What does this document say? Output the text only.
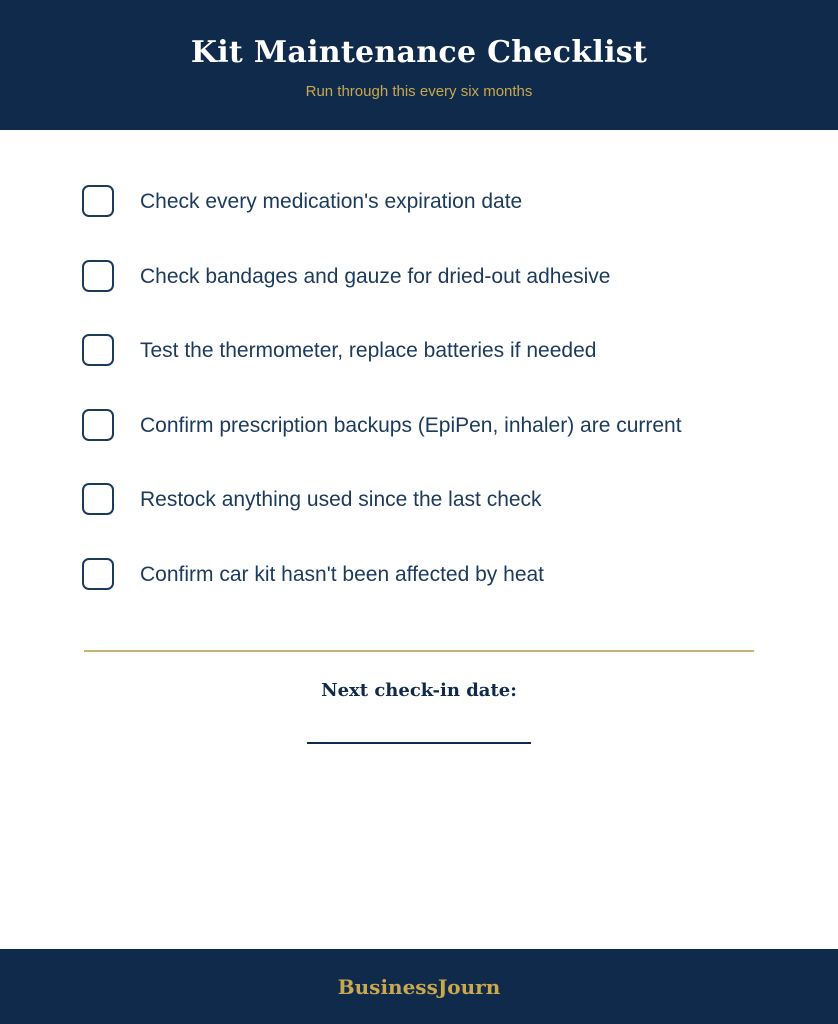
Kit Maintenance Checklist
Run through this every six months
Check every medication's expiration date
Check bandages and gauze for dried-out adhesive
Test the thermometer, replace batteries if needed
Confirm prescription backups (EpiPen, inhaler) are current
Restock anything used since the last check
Confirm car kit hasn't been affected by heat
Next check-in date:
BusinessJourn
